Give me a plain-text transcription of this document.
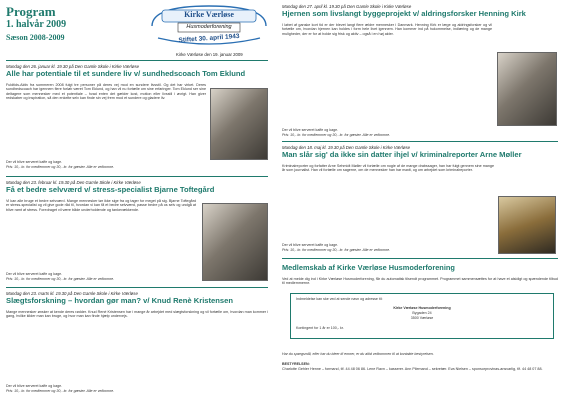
Program
1. halvår 2009
Sæson 2008-2009
Kirke Værløse
Husmoderforening
Stiftet 30. april 1943
Kirke Værløse den 19. januar 2009
Mandag den 26. januar kl. 19.30 på Den Gamle Skole i Kirke Værløse
Alle har potentiale til et sundere liv v/ sundhedscoach Tom Eklund
Fuldtids-Aktiv fra sommeren 2008 fulgt tre personer på deres vej mod en sundere livsstil. Og det har virket. Deres sundhedscoach har igennem flere forløb været Tom Eklund, og han vil nu fortælle om sine erfaringer. Tom Eklund ser sine deltagere som mennesker med et potentiale – hvad enten det gælder kost, motion eller livsstil i øvrigt. Han giver redskaber og inspiration, så den enkelte selv kan finde sin vej frem mod et sundere og gladere liv.
Der vil blive serveret kaffe og kage.
Pris: 10,- kr. for medlemmer og 30,- kr. for gæster. Alle er velkomne.
Mandag den 23. februar kl. 19.30 på Den Gamle Skole i Kirke Værløse
Få et bedre selvværd v/ stress-specialist Bjarne Toftegård
Vi kan alle bruge et bedre selvværd. Mange mennesker tør ikke sige fra og tager for meget på sig. Bjarne Toftegård er stress-specialist og vil give gode råd til, hvordan vi kan få et bedre selvværd, passe bedre på os selv og undgå at blive ramt af stress. Foredraget vil være både underholdende og tankevækkende.
Der vil blive serveret kaffe og kage.
Pris: 10,- kr. for medlemmer og 30,- kr. for gæster. Alle er velkomne.
Mandag den 23. marts kl. 19.30 på Den Gamle Skole i Kirke Værløse
Slægtsforskning – hvordan gør man? v/ Knud Renè Kristensen
Mange mennesker ønsker at kende deres rødder. Knud Renè Kristensen har i mange år arbejdet med slægtsforskning og vil fortælle om, hvordan man kommer i gang, hvilke kilder man kan bruge, og hvor man kan finde hjælp undervejs.
Der vil blive serveret kaffe og kage.
Pris: 10,- kr. for medlemmer og 30,- kr. for gæster. Alle er velkomne.
Mandag den 27. april kl. 19.30 på Den Gamle Skole i Kirke Værløse
Hjernen som livslangt byggeprojekt v/ aldringsforsker Henning Kirk
I løbet af ganske kort tid er der blevet langt flere ældre mennesker i Danmark. Henning Kirk er læge og aldringsforsker og vil fortælle om, hvordan hjernen kan holdes i form hele livet igennem. Han kommer ind på hukommelse, indlæring og de mange muligheder, der er for at holde sig frisk og aktiv – også i en høj alder.
Der vil blive serveret kaffe og kage.
Pris: 10,- kr. for medlemmer og 30,- kr. for gæster. Alle er velkomne.
Mandag den 18. maj kl. 19.30 på Den Gamle Skole i Kirke Værløse
Man slår sig' da ikke sin datter ihjel v/ kriminalreporter Arne Møller
Kriminalreporter og forfatter Arne Sehmidt Møller vil fortælle om nogle af de mange drabssager, han har fulgt gennem sine mange år som journalist. Han vil fortælle om sagerne, om de mennesker han har mødt, og om arbejdet som kriminalreporter.
Der vil blive serveret kaffe og kage.
Pris: 10,- kr. for medlemmer og 30,- kr. for gæster. Alle er velkomne.
Medlemskab af Kirke Værløse Husmoderforening
Ved at melde dig ind i Kirke Værløse Husmoderforening, får du automatisk tilsendt programmet. Programmet sammensættes for at have et alsidigt og spændende tilbud til medlemmerne.
Indmeldelse kan ske ved at sende navn og adresse til:
Kirke Værløse Husmoderforening
Bygaden 24
3500 Værløse
Kontingent for 1 år er 100,- kr.
Har du spørgsmål, eller har du ideer til emner, er du altid velkommen til at kontakte bestyrelsen.
BESTYRELSEN:
Charlotte Gehler Henne – formand, tlf. 44 48 06 86. Lene Ravn – kasserer. Ann Pilemand – sekretær. Eva Nielsen – sponsorprovinas-ansvarlig, tlf. 44 48 07 88.
